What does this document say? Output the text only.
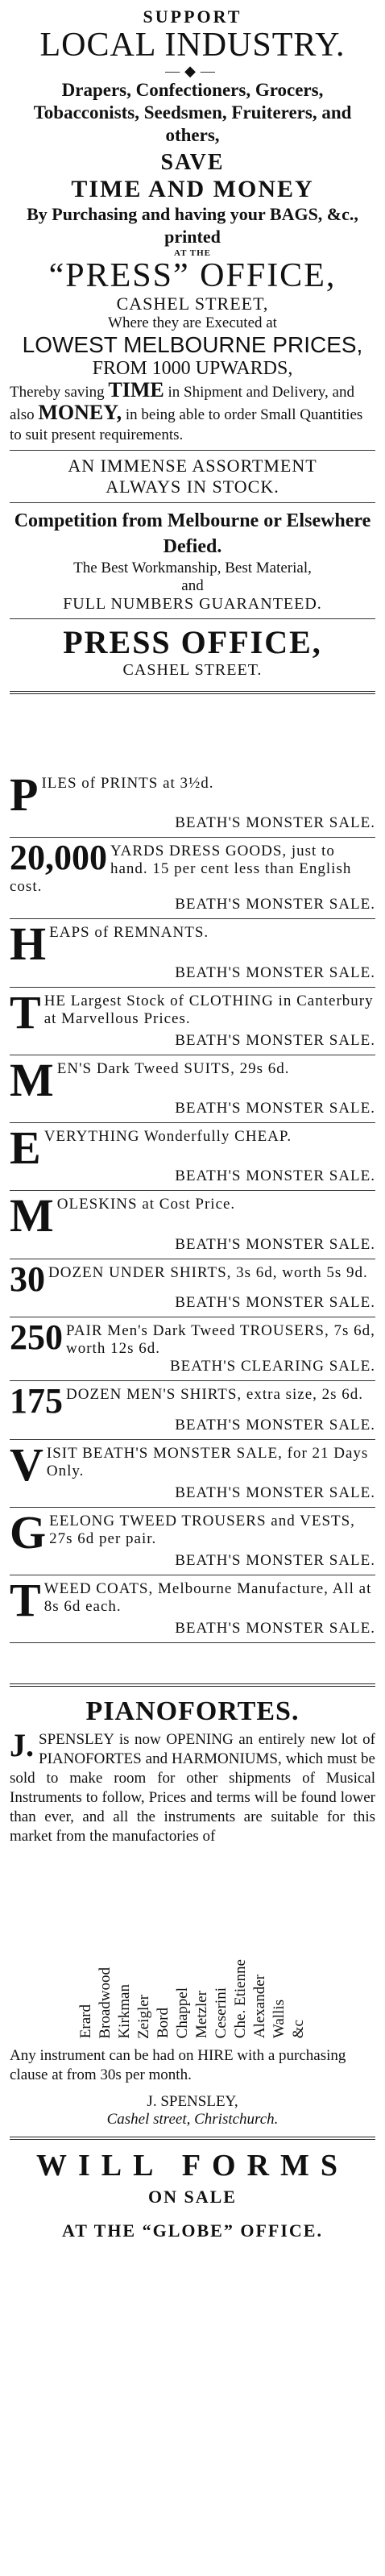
SUPPORT
LOCAL INDUSTRY.
—◆—
Drapers, Confectioners, Grocers, Tobacconists, Seedsmen, Fruiterers, and others,
SAVE
TIME AND MONEY
By Purchasing and having your BAGS, &c., printed
AT THE
“PRESS” OFFICE,
CASHEL STREET,
Where they are Executed at
LOWEST MELBOURNE PRICES,
FROM 1000 UPWARDS,
Thereby saving TIME in Shipment and Delivery, and also MONEY, in being able to order Small Quantities to suit present requirements.
AN IMMENSE ASSORTMENT ALWAYS IN STOCK.
Competition from Melbourne or Elsewhere Defied.
The Best Workmanship, Best Material,
and
FULL NUMBERS GUARANTEED.
PRESS OFFICE,
CASHEL STREET.
P ILES of PRINTS at 3½d.
BEATH'S MONSTER SALE.
20,000 YARDS DRESS GOODS, just to hand. 15 per cent less than English cost.
BEATH'S MONSTER SALE.
H EAPS of REMNANTS.
BEATH'S MONSTER SALE.
T HE Largest Stock of CLOTHING in Canterbury at Marvellous Prices.
BEATH'S MONSTER SALE.
M EN'S Dark Tweed SUITS, 29s 6d.
BEATH'S MONSTER SALE.
E VERYTHING Wonderfully CHEAP.
BEATH'S MONSTER SALE.
M OLESKINS at Cost Price.
BEATH'S MONSTER SALE.
30 DOZEN UNDER SHIRTS, 3s 6d, worth 5s 9d.
BEATH'S MONSTER SALE.
250 PAIR Men's Dark Tweed TROUSERS, 7s 6d, worth 12s 6d.
BEATH'S CLEARING SALE.
175 DOZEN MEN'S SHIRTS, extra size, 2s 6d.
BEATH'S MONSTER SALE.
V ISIT BEATH'S MONSTER SALE, for 21 Days Only.
BEATH'S MONSTER SALE.
G EELONG TWEED TROUSERS and VESTS, 27s 6d per pair.
BEATH'S MONSTER SALE.
T WEED COATS, Melbourne Manufacture, All at 8s 6d each.
BEATH'S MONSTER SALE.
PIANOFORTES.
J. SPENSLEY is now OPENING an entirely new lot of PIANOFORTES and HARMONIUMS, which must be sold to make room for other shipments of Musical Instruments to follow, Prices and terms will be found lower than ever, and all the instruments are suitable for this market from the manufactories of
Erard Broadwood Kirkman Zeigler Bord Chappel Metzler Ceserini Che. Etienne Alexander Wallis &c
Any instrument can be had on HIRE with a purchasing clause at from 30s per month.
J. SPENSLEY,
Cashel street, Christchurch.
WILL FORMS
ON SALE
AT THE “GLOBE” OFFICE.
